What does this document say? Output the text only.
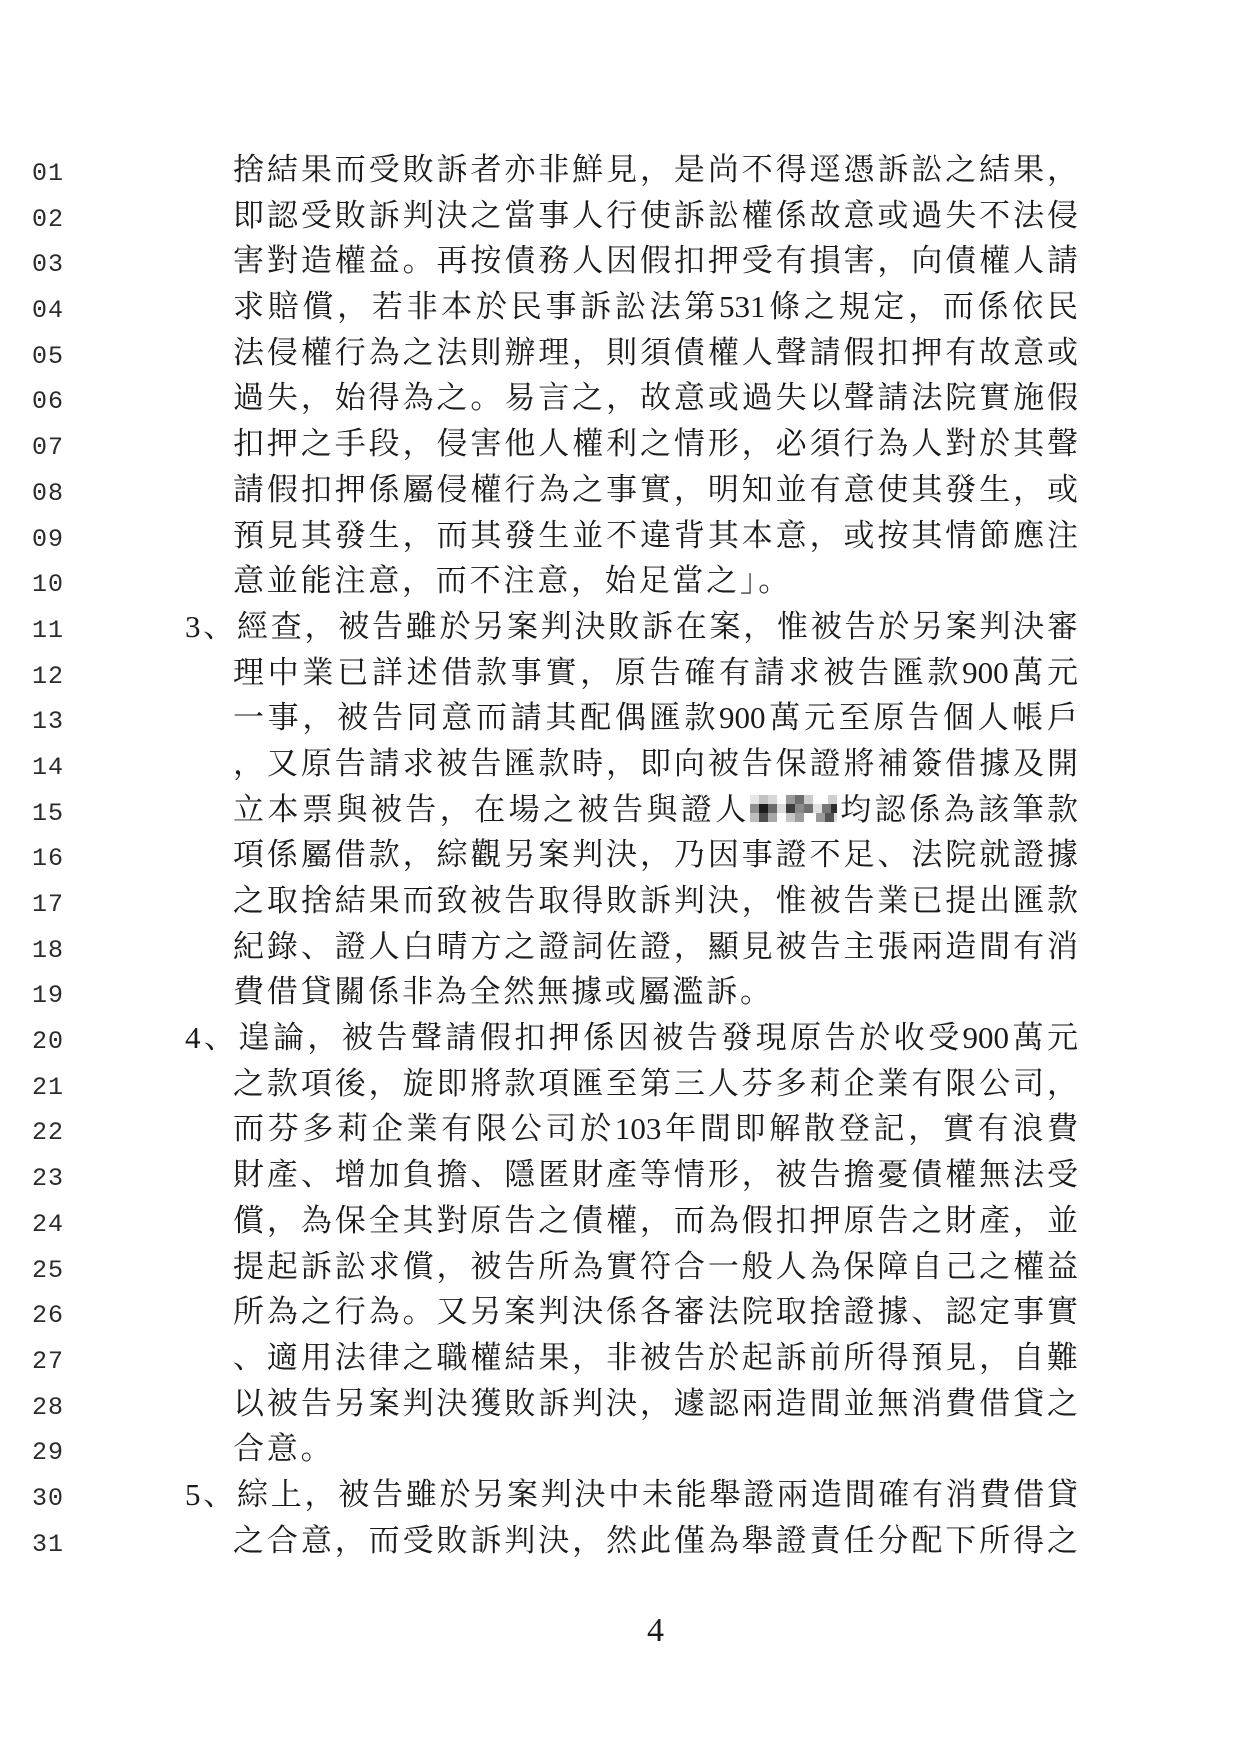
01	捨結果而受敗訴者亦非鮮見，是尚不得逕憑訴訟之結果，
02	即認受敗訴判決之當事人行使訴訟權係故意或過失不法侵
03	害對造權益。再按債務人因假扣押受有損害，向債權人請
04	求賠償，若非本於民事訴訟法第531條之規定，而係依民
05	法侵權行為之法則辦理，則須債權人聲請假扣押有故意或
06	過失，始得為之。易言之，故意或過失以聲請法院實施假
07	扣押之手段，侵害他人權利之情形，必須行為人對於其聲
08	請假扣押係屬侵權行為之事實，明知並有意使其發生，或
09	預見其發生，而其發生並不違背其本意，或按其情節應注
10	意並能注意，而不注意，始足當之」。
11	3、經查，被告雖於另案判決敗訴在案，惟被告於另案判決審
12	理中業已詳述借款事實，原告確有請求被告匯款900萬元
13	一事，被告同意而請其配偶匯款900萬元至原告個人帳戶
14	，又原告請求被告匯款時，即向被告保證將補簽借據及開
15	立本票與被告，在場之被告與證人	均認係為該筆款
16	項係屬借款，綜觀另案判決，乃因事證不足、法院就證據
17	之取捨結果而致被告取得敗訴判決，惟被告業已提出匯款
18	紀錄、證人白晴方之證詞佐證，顯見被告主張兩造間有消
19	費借貸關係非為全然無據或屬濫訴。
20	4、遑論，被告聲請假扣押係因被告發現原告於收受900萬元
21	之款項後，旋即將款項匯至第三人芬多莉企業有限公司，
22	而芬多莉企業有限公司於103年間即解散登記，實有浪費
23	財產、增加負擔、隱匿財產等情形，被告擔憂債權無法受
24	償，為保全其對原告之債權，而為假扣押原告之財產，並
25	提起訴訟求償，被告所為實符合一般人為保障自己之權益
26	所為之行為。又另案判決係各審法院取捨證據、認定事實
27	、適用法律之職權結果，非被告於起訴前所得預見，自難
28	以被告另案判決獲敗訴判決，遽認兩造間並無消費借貸之
29	合意。
30	5、綜上，被告雖於另案判決中未能舉證兩造間確有消費借貸
31	之合意，而受敗訴判決，然此僅為舉證責任分配下所得之
4
